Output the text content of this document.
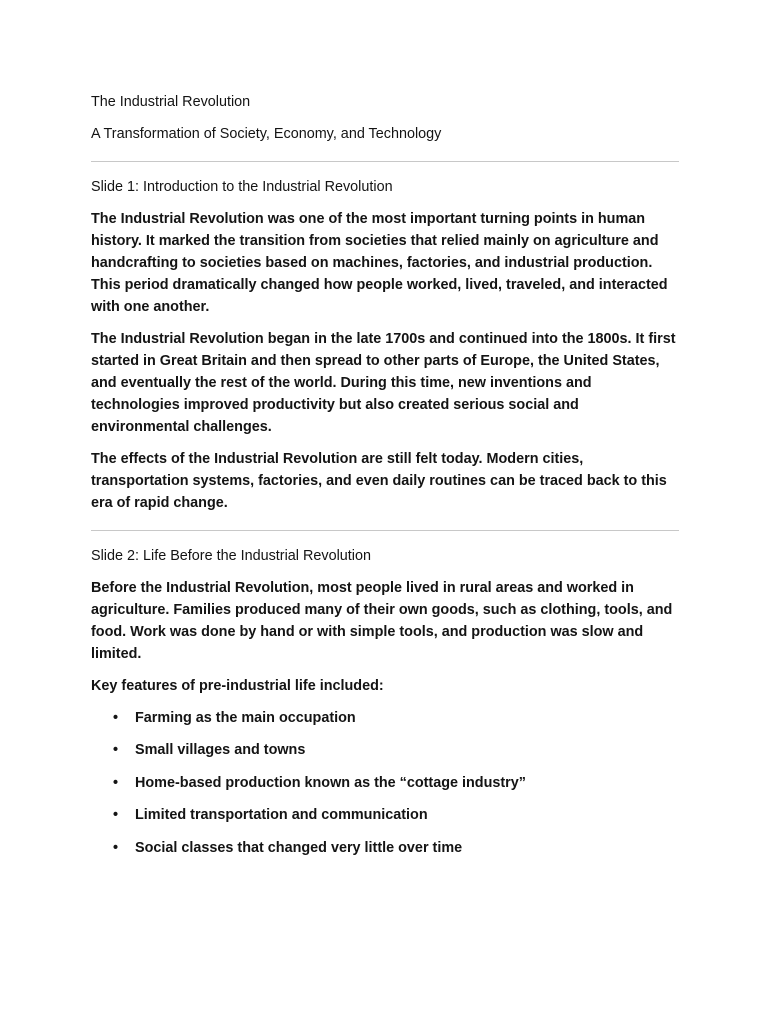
The Industrial Revolution

A Transformation of Society, Economy, and Technology

Slide 1: Introduction to the Industrial Revolution

The Industrial Revolution was one of the most important turning points in human history. It marked the transition from societies that relied mainly on agriculture and handcrafting to societies based on machines, factories, and industrial production. This period dramatically changed how people worked, lived, traveled, and interacted with one another.

The Industrial Revolution began in the late 1700s and continued into the 1800s. It first started in Great Britain and then spread to other parts of Europe, the United States, and eventually the rest of the world. During this time, new inventions and technologies improved productivity but also created serious social and environmental challenges.

The effects of the Industrial Revolution are still felt today. Modern cities, transportation systems, factories, and even daily routines can be traced back to this era of rapid change.

Slide 2: Life Before the Industrial Revolution

Before the Industrial Revolution, most people lived in rural areas and worked in agriculture. Families produced many of their own goods, such as clothing, tools, and food. Work was done by hand or with simple tools, and production was slow and limited.

Key features of pre-industrial life included:

• Farming as the main occupation
• Small villages and towns
• Home-based production known as the “cottage industry”
• Limited transportation and communication
• Social classes that changed very little over time
